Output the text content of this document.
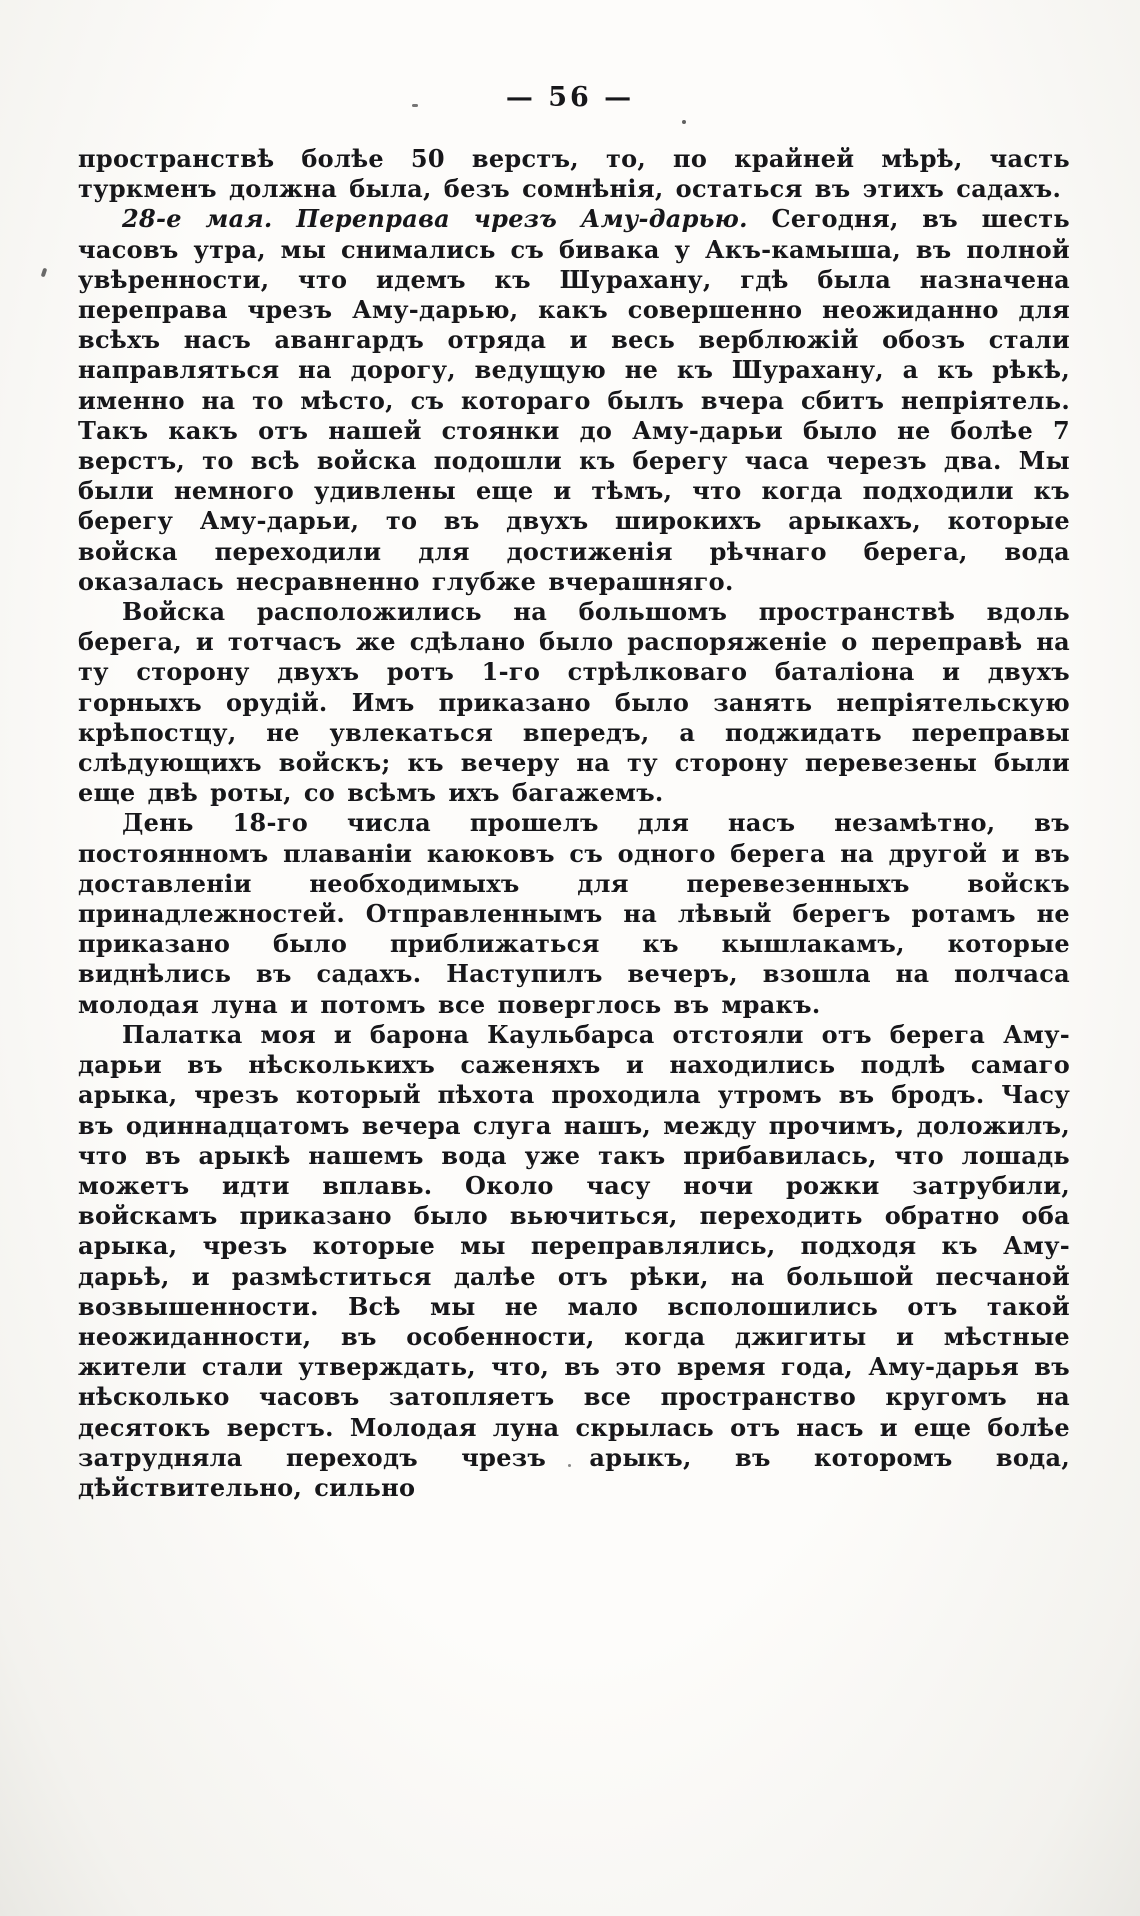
— 56 —

пространствѣ болѣе 50 верстъ, то, по крайней мѣрѣ, часть туркменъ должна была, безъ сомнѣнія, остаться въ этихъ садахъ.

28-е мая. Переправа чрезъ Аму-дарью. Сегодня, въ шесть часовъ утра, мы снимались съ бивака у Акъ-камыша, въ полной увѣренности, что идемъ къ Шурахану, гдѣ была назначена переправа чрезъ Аму-дарью, какъ совершенно неожиданно для всѣхъ насъ авангардъ отряда и весь верблюжій обозъ стали направляться на дорогу, ведущую не къ Шурахану, а къ рѣкѣ, именно на то мѣсто, съ котораго былъ вчера сбитъ непріятель. Такъ какъ отъ нашей стоянки до Аму-дарьи было не болѣе 7 верстъ, то всѣ войска подошли къ берегу часа черезъ два. Мы были немного удивлены еще и тѣмъ, что когда подходили къ берегу Аму-дарьи, то въ двухъ широкихъ арыкахъ, которые войска переходили для достиженія рѣчнаго берега, вода оказалась несравненно глубже вчерашняго.

Войска расположились на большомъ пространствѣ вдоль берега, и тотчасъ же сдѣлано было распоряженіе о переправѣ на ту сторону двухъ ротъ 1-го стрѣлковаго баталіона и двухъ горныхъ орудій. Имъ приказано было занять непріятельскую крѣпостцу, не увлекаться впередъ, а поджидать переправы слѣдующихъ войскъ; къ вечеру на ту сторону перевезены были еще двѣ роты, со всѣмъ ихъ багажемъ.

День 18-го числа прошелъ для насъ незамѣтно, въ постоянномъ плаваніи каюковъ съ одного берега на другой и въ доставленіи необходимыхъ для перевезенныхъ войскъ принадлежностей. Отправленнымъ на лѣвый берегъ ротамъ не приказано было приближаться къ кышлакамъ, которые виднѣлись въ садахъ. Наступилъ вечеръ, взошла на полчаса молодая луна и потомъ все поверглось въ мракъ.

Палатка моя и барона Каульбарса отстояли отъ берега Аму-дарьи въ нѣсколькихъ саженяхъ и находились подлѣ самаго арыка, чрезъ который пѣхота проходила утромъ въ бродъ. Часу въ одиннадцатомъ вечера слуга нашъ, между прочимъ, доложилъ, что въ арыкѣ нашемъ вода уже такъ прибавилась, что лошадь можетъ идти вплавь. Около часу ночи рожки затрубили, войскамъ приказано было вьючиться, переходить обратно оба арыка, чрезъ которые мы переправлялись, подходя къ Аму-дарьѣ, и размѣститься далѣе отъ рѣки, на большой песчаной возвышенности. Всѣ мы не мало всполошились отъ такой неожиданности, въ особенности, когда джигиты и мѣстные жители стали утверждать, что, въ это время года, Аму-дарья въ нѣсколько часовъ затопляетъ все пространство кругомъ на десятокъ верстъ. Молодая луна скрылась отъ насъ и еще болѣе затрудняла переходъ чрезъ арыкъ, въ которомъ вода, дѣйствительно, сильно
